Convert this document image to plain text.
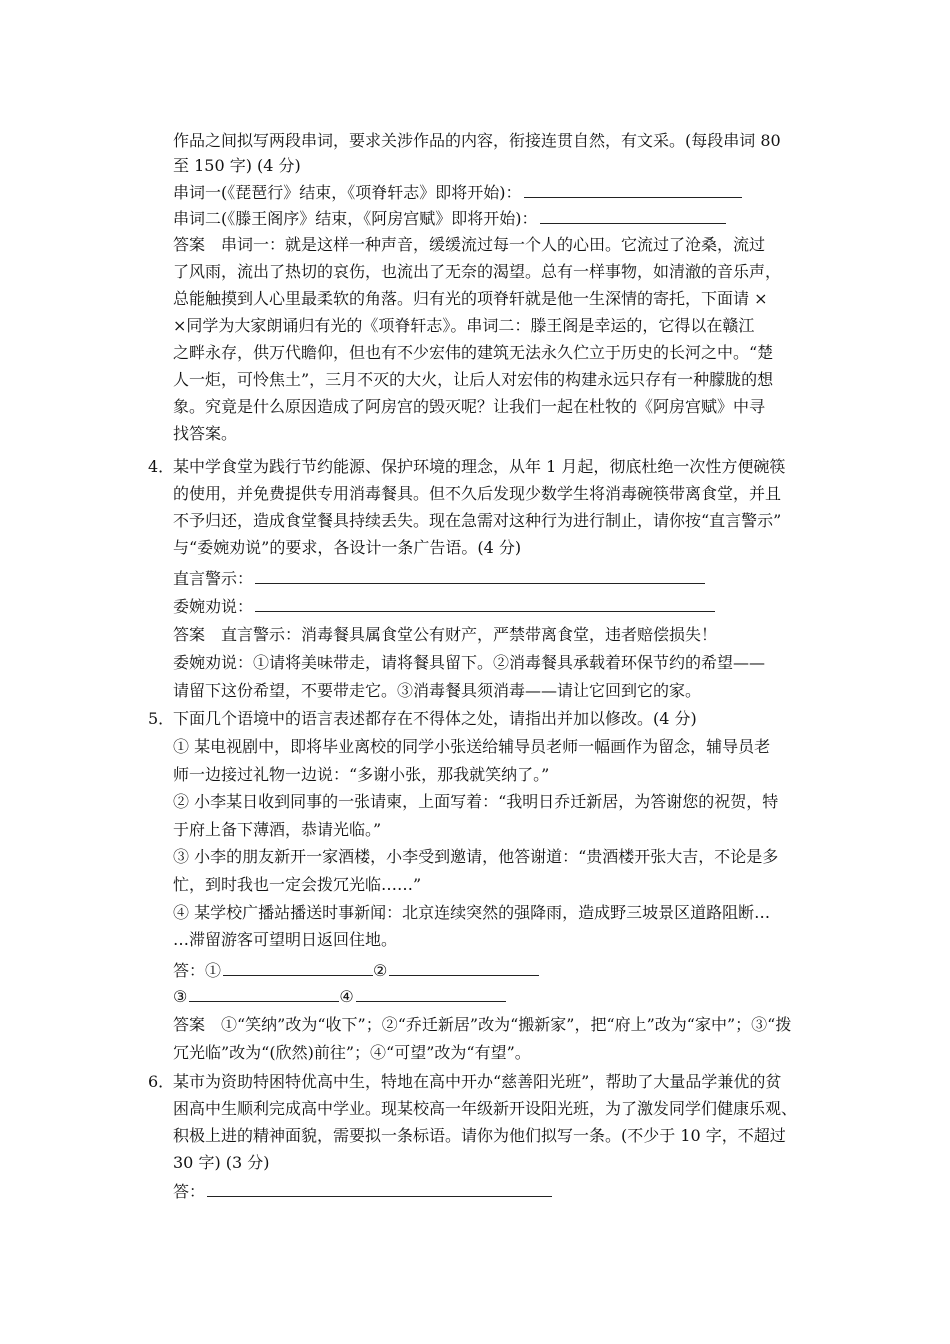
作品之间拟写两段串词，要求关涉作品的内容，衔接连贯自然，有文采。(每段串词 80
至 150 字) (4 分)
串词一(《琵琶行》结束，《项脊轩志》即将开始)：
串词二(《滕王阁序》结束，《阿房宫赋》即将开始)：
答案　串词一：就是这样一种声音，缓缓流过每一个人的心田。它流过了沧桑，流过
了风雨，流出了热切的哀伤，也流出了无奈的渴望。总有一样事物，如清澈的音乐声，
总能触摸到人心里最柔软的角落。归有光的项脊轩就是他一生深情的寄托，下面请 ×
×同学为大家朗诵归有光的《项脊轩志》。串词二：滕王阁是幸运的，它得以在赣江
之畔永存，供万代瞻仰，但也有不少宏伟的建筑无法永久伫立于历史的长河之中。“楚
人一炬，可怜焦土”，三月不灭的大火，让后人对宏伟的构建永远只存有一种朦胧的想
象。究竟是什么原因造成了阿房宫的毁灭呢？让我们一起在杜牧的《阿房宫赋》中寻
找答案。
4．
某中学食堂为践行节约能源、保护环境的理念，从年 1 月起，彻底杜绝一次性方便碗筷
的使用，并免费提供专用消毒餐具。但不久后发现少数学生将消毒碗筷带离食堂，并且
不予归还，造成食堂餐具持续丢失。现在急需对这种行为进行制止，请你按“直言警示”
与“委婉劝说”的要求，各设计一条广告语。(4 分)
直言警示：
委婉劝说：
答案　直言警示：消毒餐具属食堂公有财产，严禁带离食堂，违者赔偿损失！
委婉劝说：①请将美味带走，请将餐具留下。②消毒餐具承载着环保节约的希望——
请留下这份希望，不要带走它。③消毒餐具须消毒——请让它回到它的家。
5．
下面几个语境中的语言表述都存在不得体之处，请指出并加以修改。(4 分)
① 某电视剧中，即将毕业离校的同学小张送给辅导员老师一幅画作为留念，辅导员老
师一边接过礼物一边说：“多谢小张，那我就笑纳了。”
② 小李某日收到同事的一张请柬，上面写着：“我明日乔迁新居，为答谢您的祝贺，特
于府上备下薄酒，恭请光临。”
③ 小李的朋友新开一家酒楼，小李受到邀请，他答谢道：“贵酒楼开张大吉，不论是多
忙，到时我也一定会拨冗光临……”
④ 某学校广播站播送时事新闻：北京连续突然的强降雨，造成野三坡景区道路阻断…
…滞留游客可望明日返回住地。
答：①	②
③	④
答案　①“笑纳”改为“收下”；②“乔迁新居”改为“搬新家”，把“府上”改为“家中”；③“拨
冗光临”改为“(欣然)前往”；④“可望”改为“有望”。
6．
某市为资助特困特优高中生，特地在高中开办“慈善阳光班”，帮助了大量品学兼优的贫
困高中生顺利完成高中学业。现某校高一年级新开设阳光班，为了激发同学们健康乐观、
积极上进的精神面貌，需要拟一条标语。请你为他们拟写一条。(不少于 10 字，不超过
30 字) (3 分)
答：
